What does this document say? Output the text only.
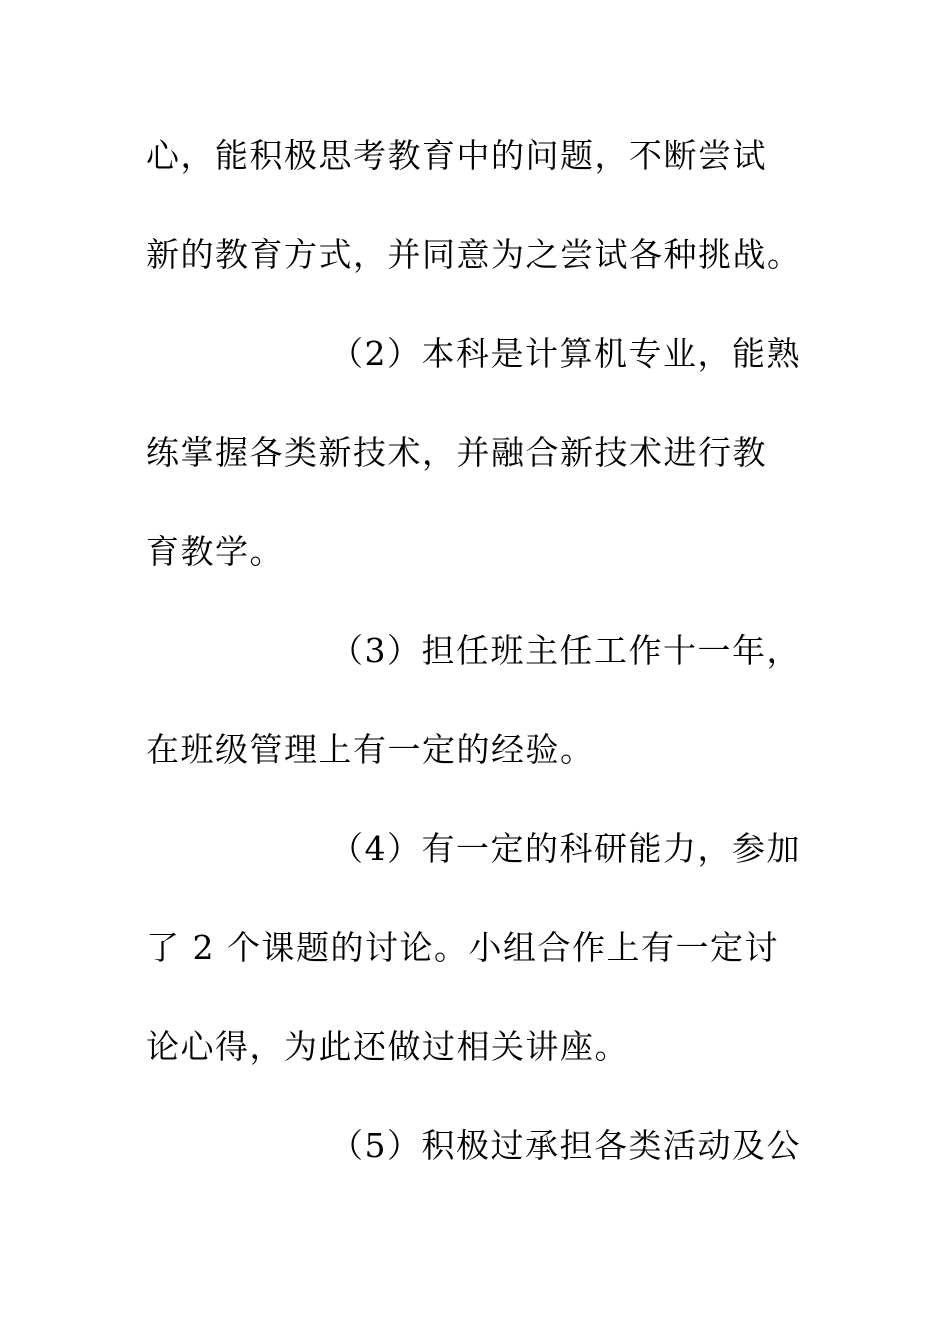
心，能积极思考教育中的问题，不断尝试
新的教育方式，并同意为之尝试各种挑战。
（2）本科是计算机专业，能熟
练掌握各类新技术，并融合新技术进行教
育教学。
（3）担任班主任工作十一年，
在班级管理上有一定的经验。
（4）有一定的科研能力，参加
了 2 个课题的讨论。小组合作上有一定讨
论心得，为此还做过相关讲座。
（5）积极过承担各类活动及公
